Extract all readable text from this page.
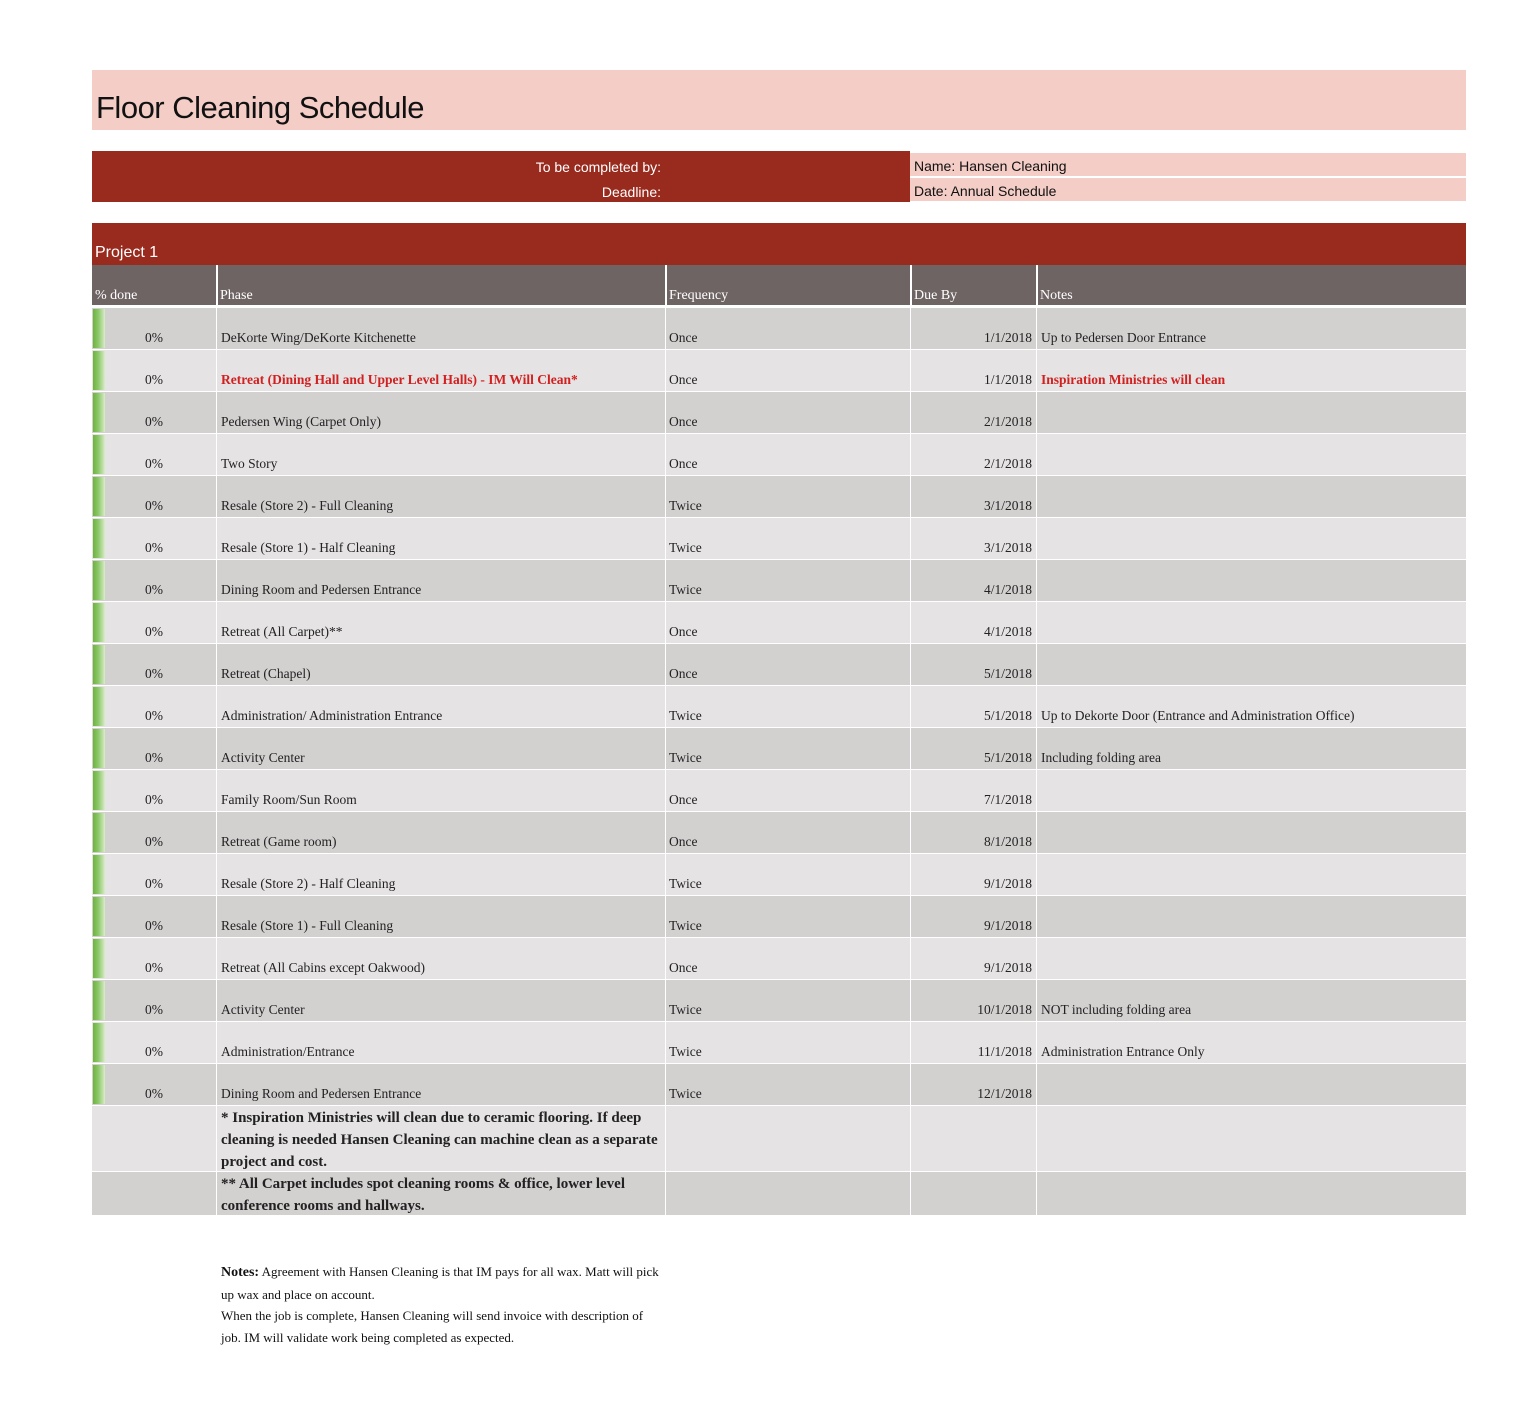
Floor Cleaning Schedule
To be completed by:
Deadline:
Name: Hansen Cleaning
Date: Annual Schedule
Project 1
% done	Phase	Frequency	Due By	Notes
0%	DeKorte Wing/DeKorte Kitchenette	Once	1/1/2018 Up to Pedersen Door Entrance
0%	Retreat (Dining Hall and Upper Level Halls) - IM Will Clean*	Once	1/1/2018 Inspiration Ministries will clean
0%	Pedersen Wing (Carpet Only)	Once	2/1/2018
0%	Two Story	Once	2/1/2018
0%	Resale (Store 2) - Full Cleaning	Twice	3/1/2018
0%	Resale (Store 1) - Half Cleaning	Twice	3/1/2018
0%	Dining Room and Pedersen Entrance	Twice	4/1/2018
0%	Retreat (All Carpet)**	Once	4/1/2018
0%	Retreat (Chapel)	Once	5/1/2018
0%	Administration/ Administration Entrance	Twice	5/1/2018 Up to Dekorte Door (Entrance and Administration Office)
0%	Activity Center	Twice	5/1/2018 Including folding area
0%	Family Room/Sun Room	Once	7/1/2018
0%	Retreat (Game room)	Once	8/1/2018
0%	Resale (Store 2) - Half Cleaning	Twice	9/1/2018
0%	Resale (Store 1) - Full Cleaning	Twice	9/1/2018
0%	Retreat (All Cabins except Oakwood)	Once	9/1/2018
0%	Activity Center	Twice	10/1/2018 NOT including folding area
0%	Administration/Entrance	Twice	11/1/2018 Administration Entrance Only
0%	Dining Room and Pedersen Entrance	Twice	12/1/2018
* Inspiration Ministries will clean due to ceramic flooring. If deep cleaning is needed Hansen Cleaning can machine clean as a separate project and cost.
** All Carpet includes spot cleaning rooms & office, lower level conference rooms and hallways.
Notes: Agreement with Hansen Cleaning is that IM pays for all wax. Matt will pick up wax and place on account.
When the job is complete, Hansen Cleaning will send invoice with description of job. IM will validate work being completed as expected.
